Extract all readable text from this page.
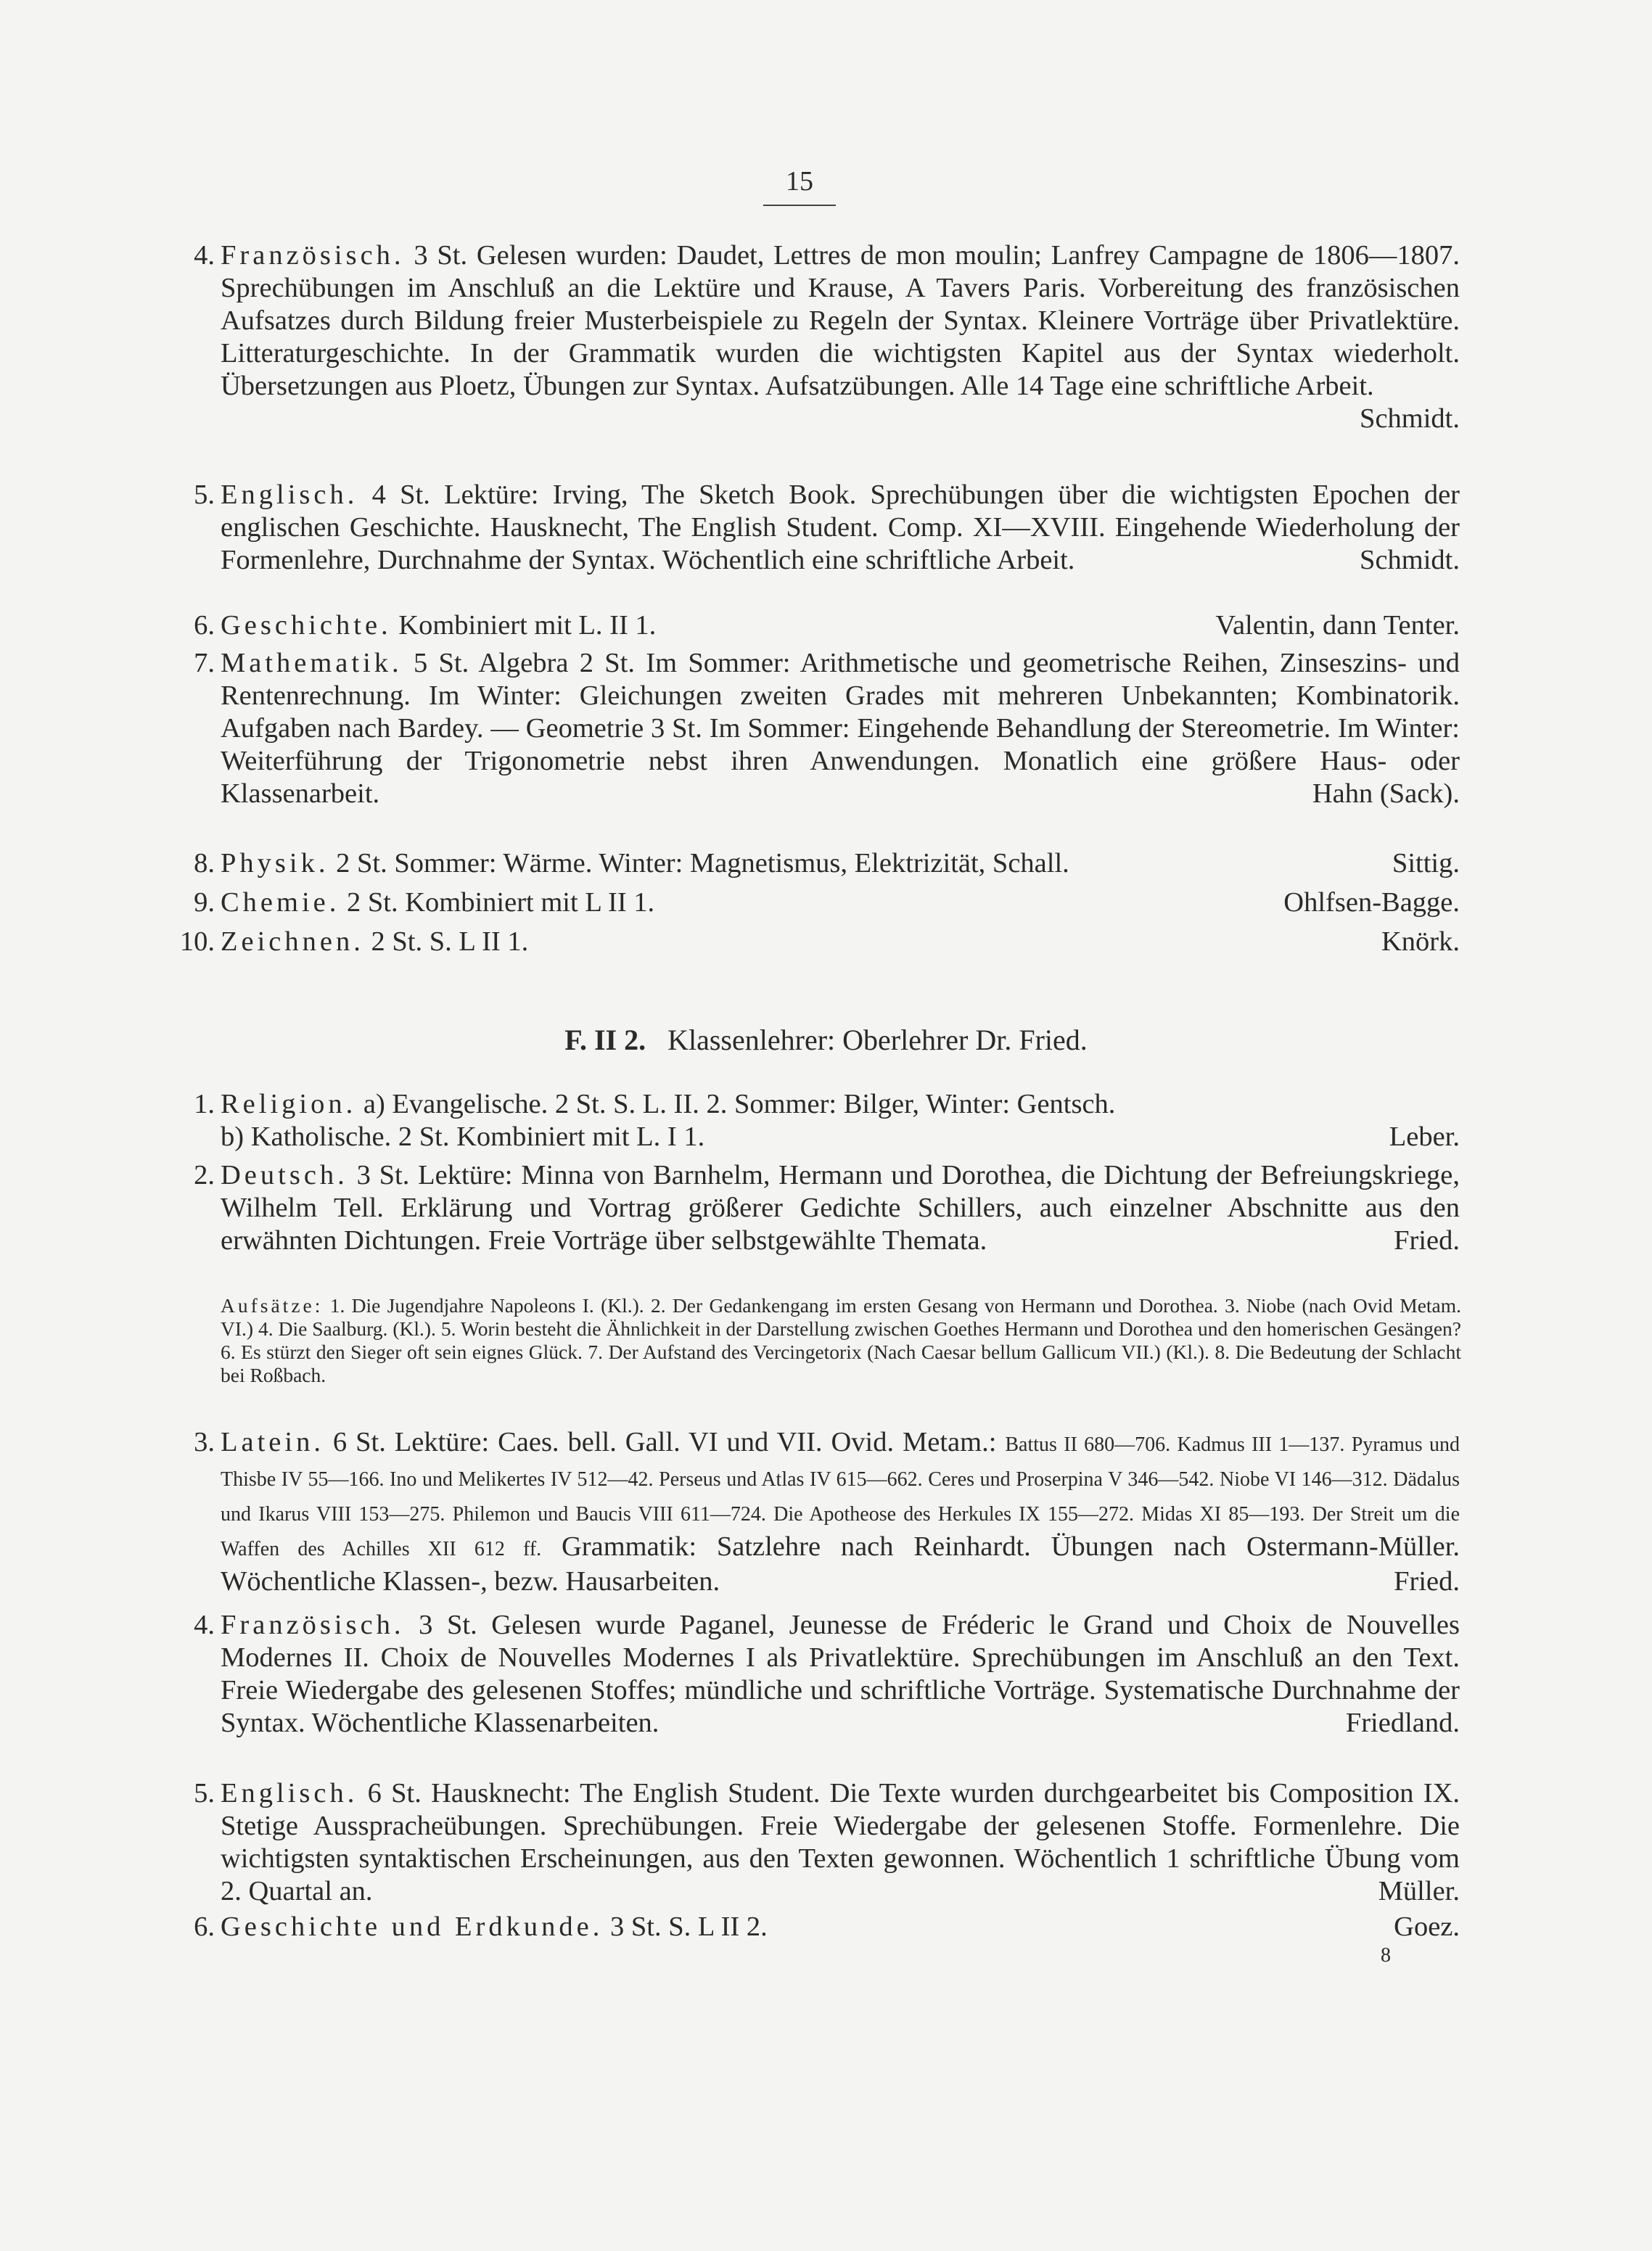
15
4. Französisch. 3 St. Gelesen wurden: Daudet, Lettres de mon moulin; Lanfrey Campagne de 1806—1807. Sprechübungen im Anschluß an die Lektüre und Krause, A Tavers Paris. Vorbereitung des französischen Aufsatzes durch Bildung freier Musterbeispiele zu Regeln der Syntax. Kleinere Vorträge über Privatlektüre. Litteraturgeschichte. In der Grammatik wurden die wichtigsten Kapitel aus der Syntax wiederholt. Übersetzungen aus Ploetz, Übungen zur Syntax. Aufsatzübungen. Alle 14 Tage eine schriftliche Arbeit.
Schmidt.
5. Englisch. 4 St. Lektüre: Irving, The Sketch Book. Sprechübungen über die wichtigsten Epochen der englischen Geschichte. Hausknecht, The English Student. Comp. XI—XVIII. Eingehende Wiederholung der Formenlehre, Durchnahme der Syntax. Wöchentlich eine schriftliche Arbeit.	Schmidt.
6. Geschichte. Kombiniert mit L. II 1.	Valentin, dann Tenter.
7. Mathematik. 5 St. Algebra 2 St. Im Sommer: Arithmetische und geometrische Reihen, Zinseszins- und Rentenrechnung. Im Winter: Gleichungen zweiten Grades mit mehreren Unbekannten; Kombinatorik. Aufgaben nach Bardey. — Geometrie 3 St. Im Sommer: Eingehende Behandlung der Stereometrie. Im Winter: Weiterführung der Trigonometrie nebst ihren Anwendungen. Monatlich eine größere Haus- oder Klassenarbeit.	Hahn (Sack).
8. Physik. 2 St. Sommer: Wärme. Winter: Magnetismus, Elektrizität, Schall.	Sittig.
9. Chemie. 2 St. Kombiniert mit L II 1.	Ohlfsen-Bagge.
10. Zeichnen. 2 St. S. L II 1.	Knörk.
F. II 2. Klassenlehrer: Oberlehrer Dr. Fried.
1. Religion. a) Evangelische. 2 St. S. L. II. 2. Sommer: Bilger, Winter: Gentsch.
b) Katholische. 2 St. Kombiniert mit L. I 1.	Leber.
2. Deutsch. 3 St. Lektüre: Minna von Barnhelm, Hermann und Dorothea, die Dichtung der Befreiungskriege, Wilhelm Tell. Erklärung und Vortrag größerer Gedichte Schillers, auch einzelner Abschnitte aus den erwähnten Dichtungen. Freie Vorträge über selbstgewählte Themata.	Fried.
Aufsätze: 1. Die Jugendjahre Napoleons I. (Kl.). 2. Der Gedankengang im ersten Gesang von Hermann und Dorothea. 3. Niobe (nach Ovid Metam. VI.) 4. Die Saalburg. (Kl.). 5. Worin besteht die Ähnlichkeit in der Darstellung zwischen Goethes Hermann und Dorothea und den homerischen Gesängen? 6. Es stürzt den Sieger oft sein eignes Glück. 7. Der Aufstand des Vercingetorix (Nach Caesar bellum Gallicum VII.) (Kl.). 8. Die Bedeutung der Schlacht bei Roßbach.
3. Latein. 6 St. Lektüre: Caes. bell. Gall. VI und VII. Ovid. Metam.: Battus II 680—706. Kadmus III 1—137. Pyramus und Thisbe IV 55—166. Ino und Melikertes IV 512—42. Perseus und Atlas IV 615—662. Ceres und Proserpina V 346—542. Niobe VI 146—312. Dädalus und Ikarus VIII 153—275. Philemon und Baucis VIII 611—724. Die Apotheose des Herkules IX 155—272. Midas XI 85—193. Der Streit um die Waffen des Achilles XII 612 ff. Grammatik: Satzlehre nach Reinhardt. Übungen nach Ostermann-Müller. Wöchentliche Klassen-, bezw. Hausarbeiten.	Fried.
4. Französisch. 3 St. Gelesen wurde Paganel, Jeunesse de Fréderic le Grand und Choix de Nouvelles Modernes II. Choix de Nouvelles Modernes I als Privatlektüre. Sprechübungen im Anschluß an den Text. Freie Wiedergabe des gelesenen Stoffes; mündliche und schriftliche Vorträge. Systematische Durchnahme der Syntax. Wöchentliche Klassenarbeiten.	Friedland.
5. Englisch. 6 St. Hausknecht: The English Student. Die Texte wurden durchgearbeitet bis Composition IX. Stetige Ausspracheübungen. Sprechübungen. Freie Wiedergabe der gelesenen Stoffe. Formenlehre. Die wichtigsten syntaktischen Erscheinungen, aus den Texten gewonnen. Wöchentlich 1 schriftliche Übung vom 2. Quartal an.	Müller.
6. Geschichte und Erdkunde. 3 St. S. L II 2.	Goez.
8
